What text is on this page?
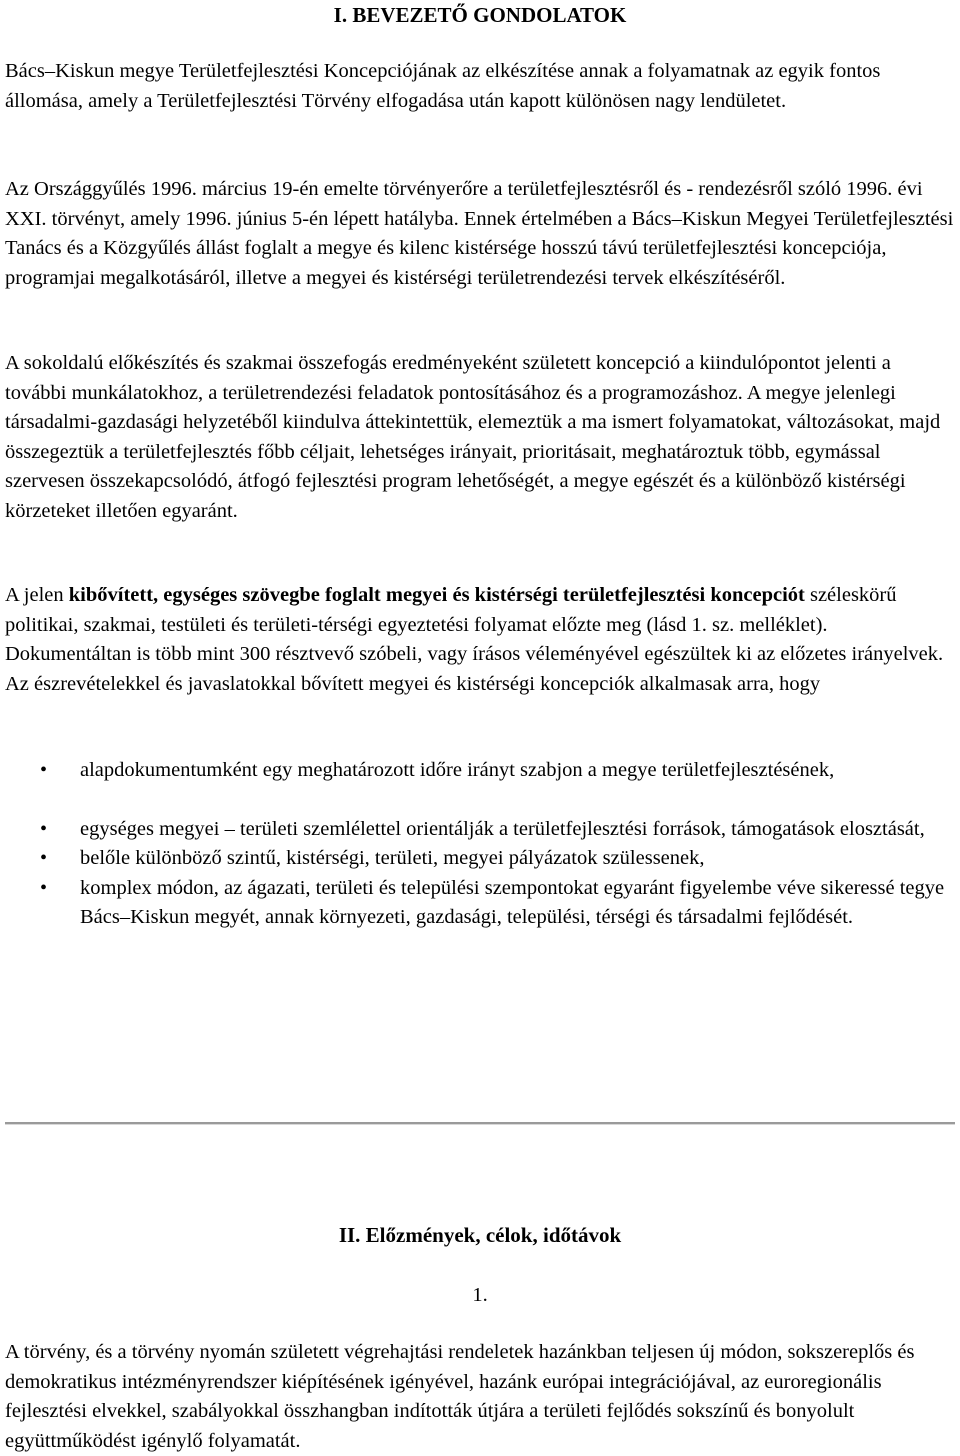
I. BEVEZETŐ GONDOLATOK

Bács–Kiskun megye Területfejlesztési Koncepciójának az elkészítése annak a folyamatnak az egyik fontos állomása, amely a Területfejlesztési Törvény elfogadása után kapott különösen nagy lendületet.

Az Országgyűlés 1996. március 19-én emelte törvényerőre a területfejlesztésről és - rendezésről szóló 1996. évi XXI. törvényt, amely 1996. június 5-én lépett hatályba. Ennek értelmében a Bács–Kiskun Megyei Területfejlesztési Tanács és a Közgyűlés állást foglalt a megye és kilenc kistérsége hosszú távú területfejlesztési koncepciója, programjai megalkotásáról, illetve a megyei és kistérségi területrendezési tervek elkészítéséről.

A sokoldalú előkészítés és szakmai összefogás eredményeként született koncepció a kiindulópontot jelenti a további munkálatokhoz, a területrendezési feladatok pontosításához és a programozáshoz. A megye jelenlegi társadalmi-gazdasági helyzetéből kiindulva áttekintettük, elemeztük a ma ismert folyamatokat, változásokat, majd összegeztük a területfejlesztés főbb céljait, lehetséges irányait, prioritásait, meghatároztuk több, egymással szervesen összekapcsolódó, átfogó fejlesztési program lehetőségét, a megye egészét és a különböző kistérségi körzeteket illetően egyaránt.

A jelen kibővített, egységes szövegbe foglalt megyei és kistérségi területfejlesztési koncepciót széleskörű politikai, szakmai, testületi és területi-térségi egyeztetési folyamat előzte meg (lásd 1. sz. melléklet). Dokumentáltan is több mint 300 résztvevő szóbeli, vagy írásos véleményével egészültek ki az előzetes irányelvek. Az észrevételekkel és javaslatokkal bővített megyei és kistérségi koncepciók alkalmasak arra, hogy

• alapdokumentumként egy meghatározott időre irányt szabjon a megye területfejlesztésének,
• egységes megyei – területi szemlélettel orientálják a területfejlesztési források, támogatások elosztását,
• belőle különböző szintű, kistérségi, területi, megyei pályázatok szülessenek,
• komplex módon, az ágazati, területi és települési szempontokat egyaránt figyelembe véve sikeressé tegye Bács–Kiskun megyét, annak környezeti, gazdasági, települési, térségi és társadalmi fejlődését.
II. Előzmények, célok, időtávok
1.

A törvény, és a törvény nyomán született végrehajtási rendeletek hazánkban teljesen új módon, sokszereplős és demokratikus intézményrendszer kiépítésének igényével, hazánk európai integrációjával, az euroregionális fejlesztési elvekkel, szabályokkal összhangban indították útjára a területi fejlődés sokszínű és bonyolult együttműködést igénylő folyamatát.
